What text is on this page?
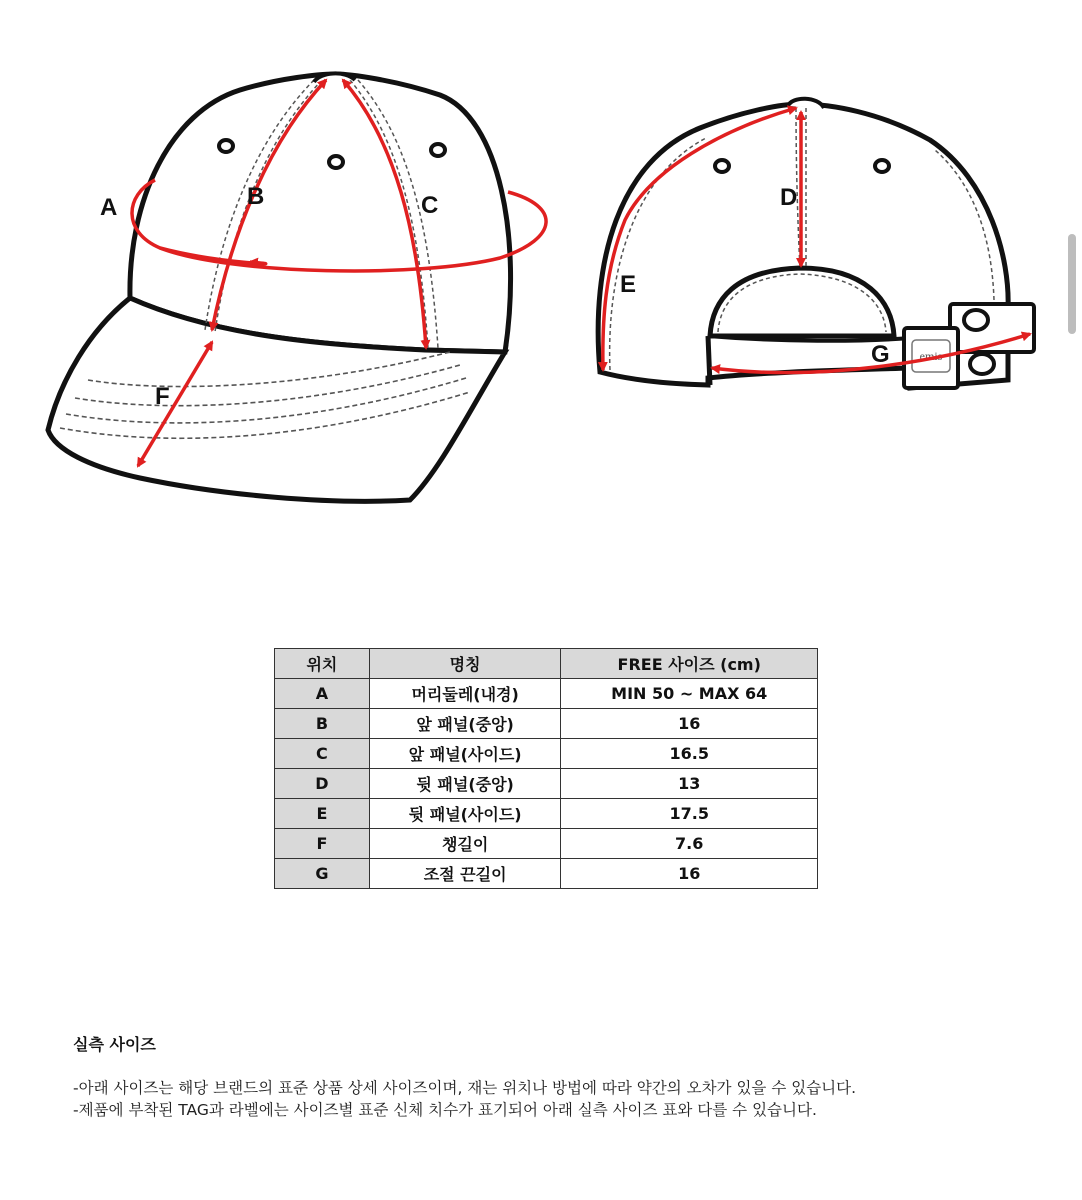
emis
A	B	C
F
D
E
G
위치	명칭	FREE 사이즈 (cm)
A	머리둘레(내경)	MIN 50 ~ MAX 64
B	앞 패널(중앙)	16
C	앞 패널(사이드)	16.5
D	뒷 패널(중앙)	13
E	뒷 패널(사이드)	17.5
F	챙길이	7.6
G	조절 끈길이	16
실측 사이즈
-아래 사이즈는 해당 브랜드의 표준 상품 상세 사이즈이며, 재는 위치나 방법에 따라 약간의 오차가 있을 수 있습니다.
-제품에 부착된 TAG과 라벨에는 사이즈별 표준 신체 치수가 표기되어 아래 실측 사이즈 표와 다를 수 있습니다.
